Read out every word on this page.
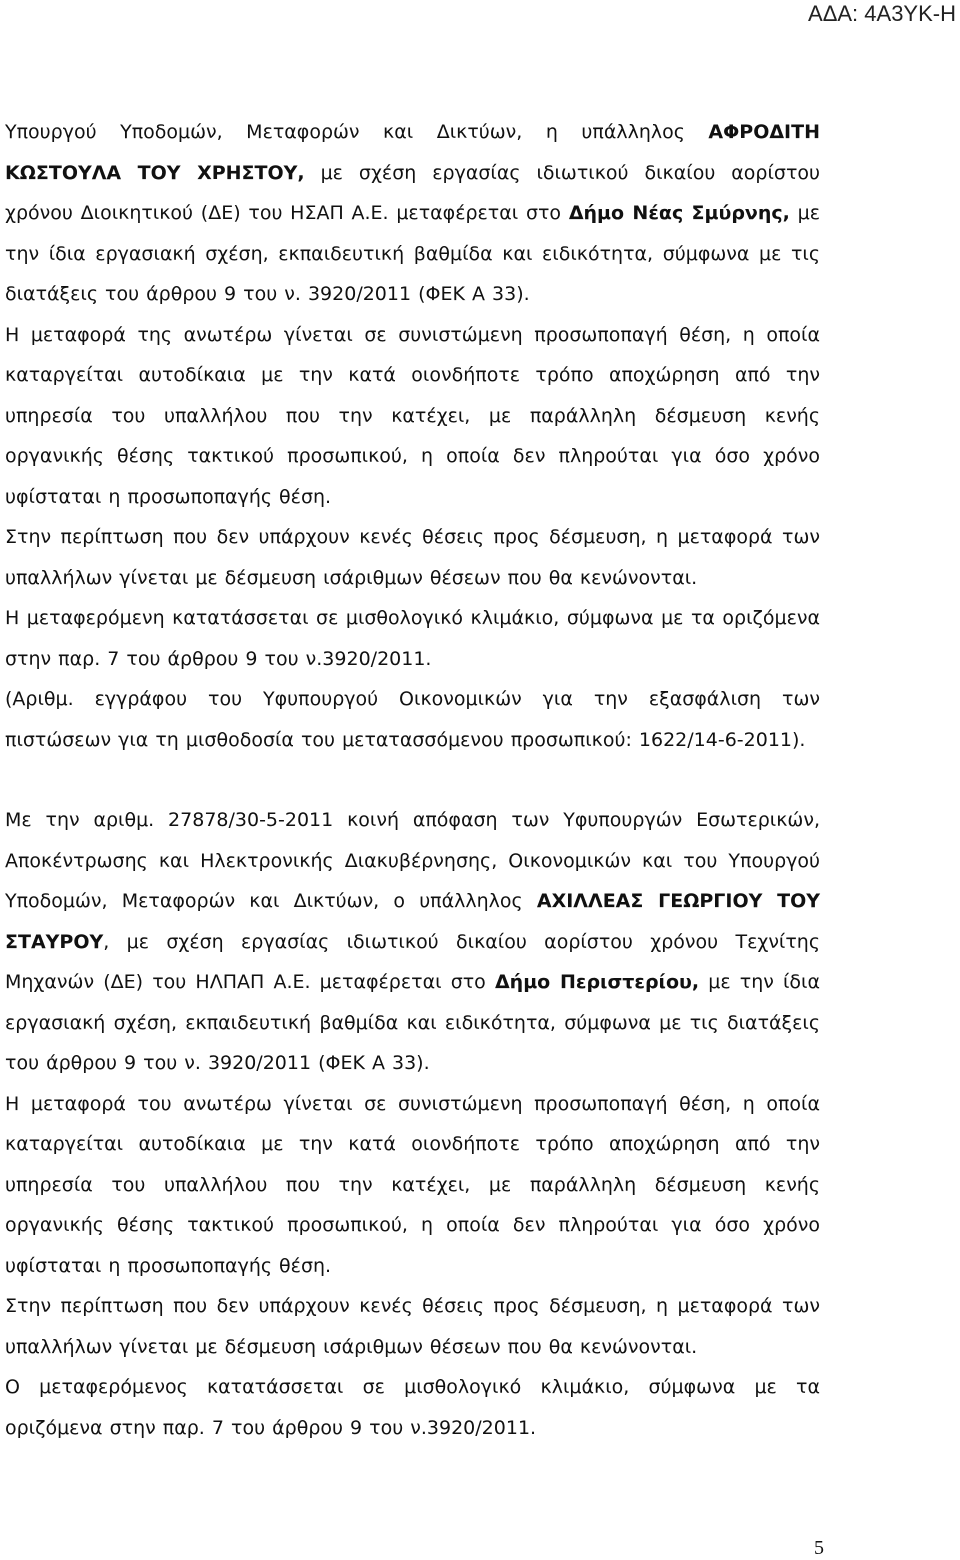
ΑΔΑ: 4Α3ΥΚ-Η

Υπουργού Υποδομών, Μεταφορών και Δικτύων, η υπάλληλος ΑΦΡΟΔΙΤΗ ΚΩΣΤΟΥΛΑ ΤΟΥ ΧΡΗΣΤΟΥ, με σχέση εργασίας ιδιωτικού δικαίου αορίστου χρόνου Διοικητικού (ΔΕ) του ΗΣΑΠ Α.Ε. μεταφέρεται στο Δήμο Νέας Σμύρνης, με την ίδια εργασιακή σχέση, εκπαιδευτική βαθμίδα και ειδικότητα, σύμφωνα με τις διατάξεις του άρθρου 9 του ν. 3920/2011 (ΦΕΚ Α 33).

Η μεταφορά της ανωτέρω γίνεται σε συνιστώμενη προσωποπαγή θέση, η οποία καταργείται αυτοδίκαια με την κατά οιονδήποτε τρόπο αποχώρηση από την υπηρεσία του υπαλλήλου που την κατέχει, με παράλληλη δέσμευση κενής οργανικής θέσης τακτικού προσωπικού, η οποία δεν πληρούται για όσο χρόνο υφίσταται η προσωποπαγής θέση.

Στην περίπτωση που δεν υπάρχουν κενές θέσεις προς δέσμευση, η μεταφορά των υπαλλήλων γίνεται με δέσμευση ισάριθμων θέσεων που θα κενώνονται.

Η μεταφερόμενη κατατάσσεται σε μισθολογικό κλιμάκιο, σύμφωνα με τα οριζόμενα στην παρ. 7 του άρθρου 9 του ν.3920/2011.

(Αριθμ. εγγράφου του Υφυπουργού Οικονομικών για την εξασφάλιση των πιστώσεων για τη μισθοδοσία του μετατασσόμενου προσωπικού: 1622/14-6-2011).

Με την αριθμ. 27878/30-5-2011 κοινή απόφαση των Υφυπουργών Εσωτερικών, Αποκέντρωσης και Ηλεκτρονικής Διακυβέρνησης, Οικονομικών και του Υπουργού Υποδομών, Μεταφορών και Δικτύων, ο υπάλληλος ΑΧΙΛΛΕΑΣ ΓΕΩΡΓΙΟΥ ΤΟΥ ΣΤΑΥΡΟΥ, με σχέση εργασίας ιδιωτικού δικαίου αορίστου χρόνου Τεχνίτης Μηχανών (ΔΕ) του ΗΛΠΑΠ Α.Ε. μεταφέρεται στο Δήμο Περιστερίου, με την ίδια εργασιακή σχέση, εκπαιδευτική βαθμίδα και ειδικότητα, σύμφωνα με τις διατάξεις του άρθρου 9 του ν. 3920/2011 (ΦΕΚ Α 33).

Η μεταφορά του ανωτέρω γίνεται σε συνιστώμενη προσωποπαγή θέση, η οποία καταργείται αυτοδίκαια με την κατά οιονδήποτε τρόπο αποχώρηση από την υπηρεσία του υπαλλήλου που την κατέχει, με παράλληλη δέσμευση κενής οργανικής θέσης τακτικού προσωπικού, η οποία δεν πληρούται για όσο χρόνο υφίσταται η προσωποπαγής θέση.

Στην περίπτωση που δεν υπάρχουν κενές θέσεις προς δέσμευση, η μεταφορά των υπαλλήλων γίνεται με δέσμευση ισάριθμων θέσεων που θα κενώνονται.

Ο μεταφερόμενος κατατάσσεται σε μισθολογικό κλιμάκιο, σύμφωνα με τα οριζόμενα στην παρ. 7 του άρθρου 9 του ν.3920/2011.

5
